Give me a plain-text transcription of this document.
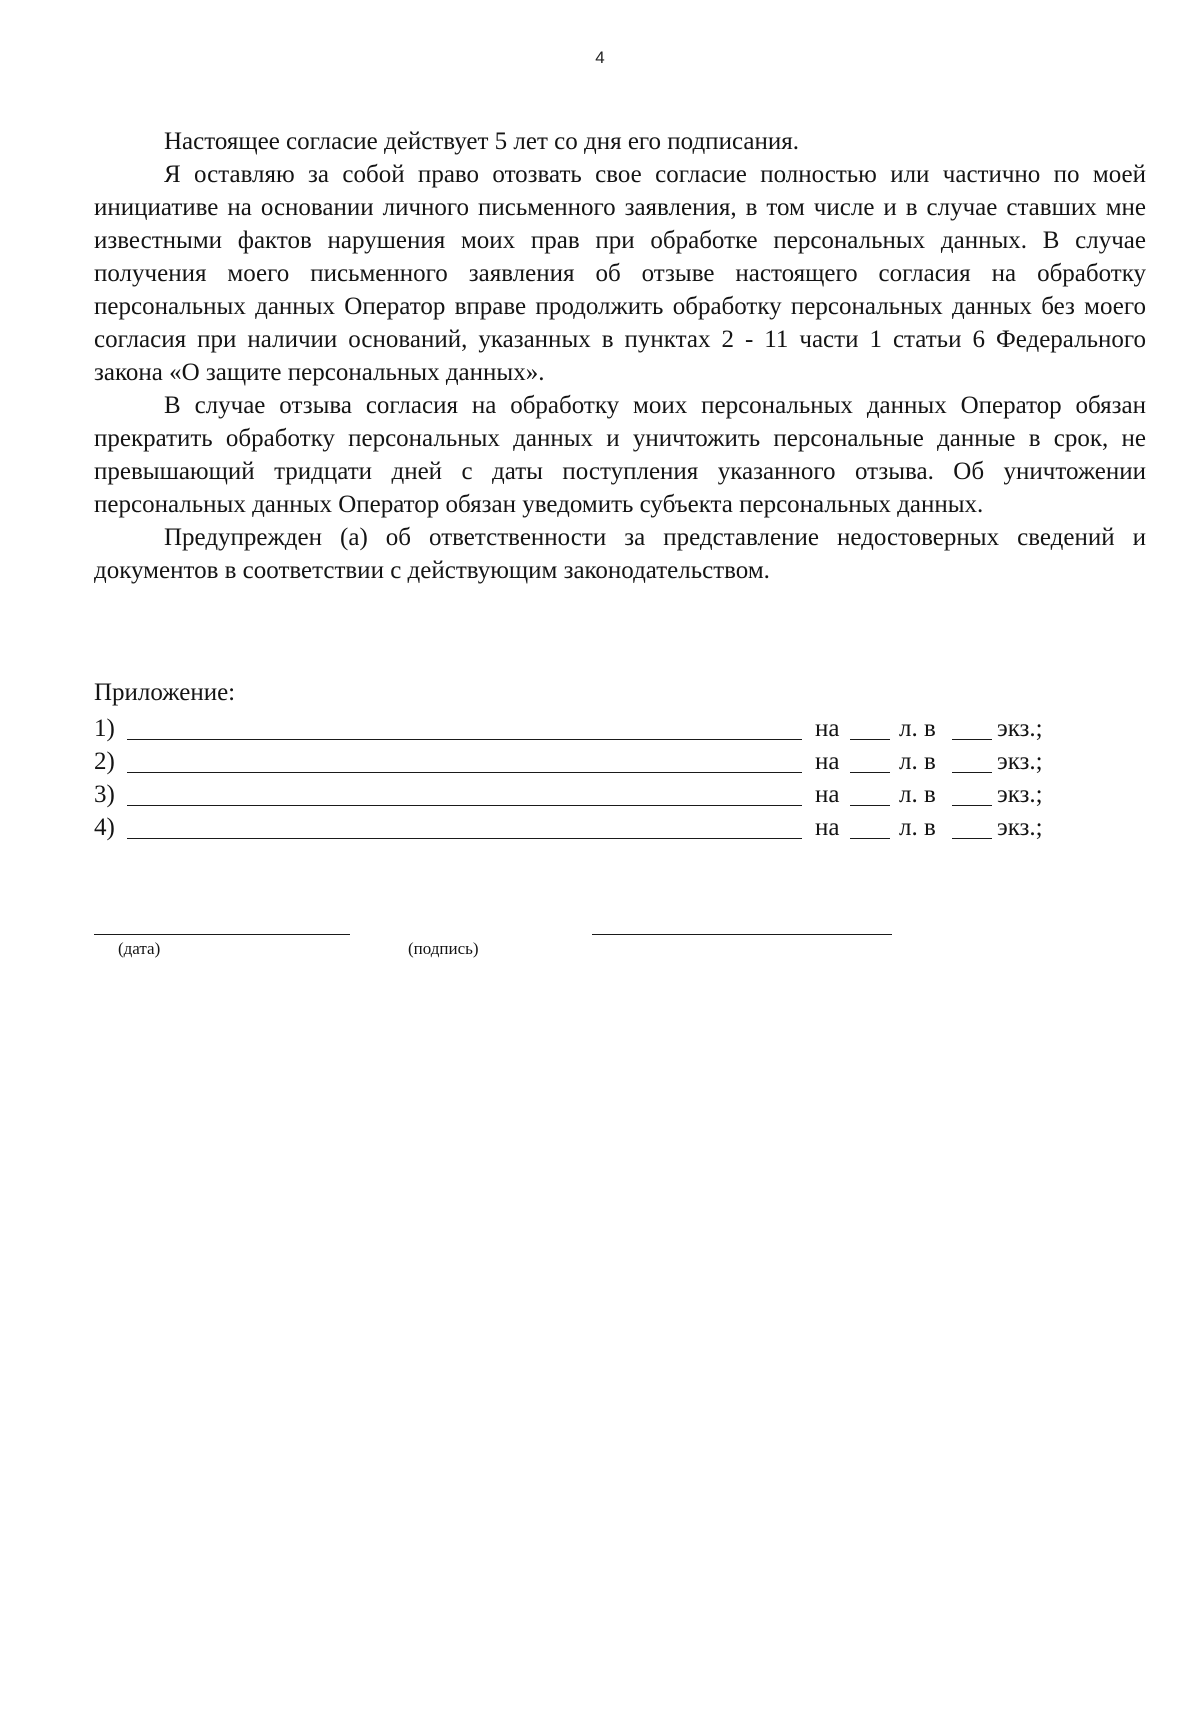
4

Настоящее согласие действует 5 лет со дня его подписания.

Я оставляю за собой право отозвать свое согласие полностью или частично по моей инициативе на основании личного письменного заявления, в том числе и в случае ставших мне известными фактов нарушения моих прав при обработке персональных данных. В случае получения моего письменного заявления об отзыве настоящего согласия на обработку персональных данных Оператор вправе продолжить обработку персональных данных без моего согласия при наличии оснований, указанных в пунктах 2 - 11 части 1 статьи 6 Федерального закона «О защите персональных данных».

В случае отзыва согласия на обработку моих персональных данных Оператор обязан прекратить обработку персональных данных и уничтожить персональные данные в срок, не превышающий тридцати дней с даты поступления указанного отзыва. Об уничтожении персональных данных Оператор обязан уведомить субъекта персональных данных.

Предупрежден (а) об ответственности за представление недостоверных сведений и документов в соответствии с действующим законодательством.

Приложение:
1)	на л. в экз.;
2)	на л. в экз.;
3)	на л. в экз.;
4)	на л. в экз.;
(дата)	(подпись)
